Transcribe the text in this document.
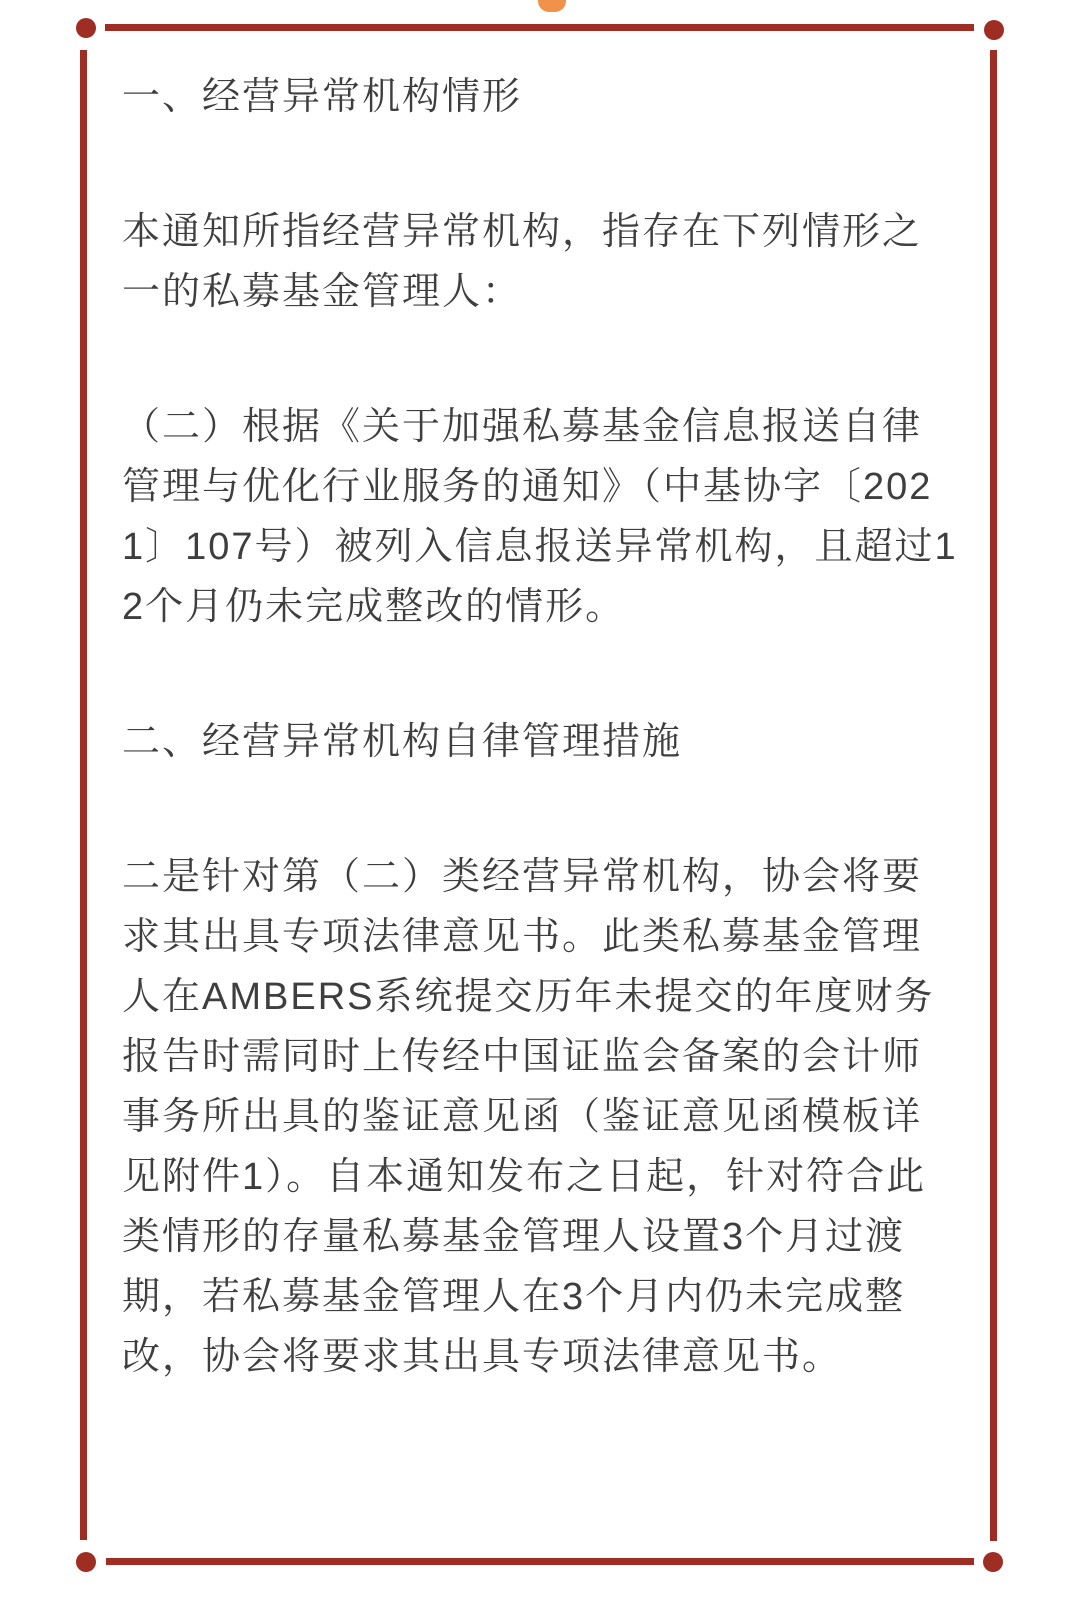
一、经营异常机构情形
本通知所指经营异常机构，指存在下列情形之一的私募基金管理人：
（二）根据《关于加强私募基金信息报送自律管理与优化行业服务的通知》（中基协字〔2021〕107号）被列入信息报送异常机构，且超过12个月仍未完成整改的情形。
二、经营异常机构自律管理措施
二是针对第（二）类经营异常机构，协会将要求其出具专项法律意见书。此类私募基金管理人在AMBERS系统提交历年未提交的年度财务报告时需同时上传经中国证监会备案的会计师事务所出具的鉴证意见函（鉴证意见函模板详见附件1）。自本通知发布之日起，针对符合此类情形的存量私募基金管理人设置3个月过渡期，若私募基金管理人在3个月内仍未完成整改，协会将要求其出具专项法律意见书。
